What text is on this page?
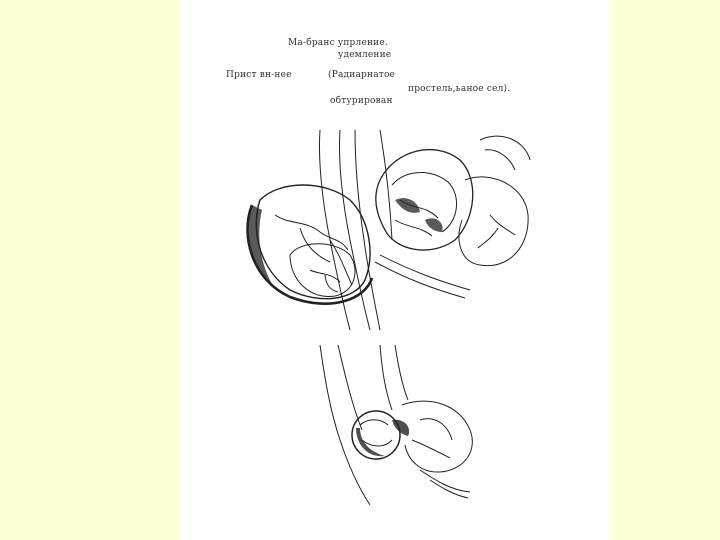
Ма-бранс упрление.
удемление
Прист вн-нее	(Радиарнатое
простель,ьаное сел).
обтурирован
